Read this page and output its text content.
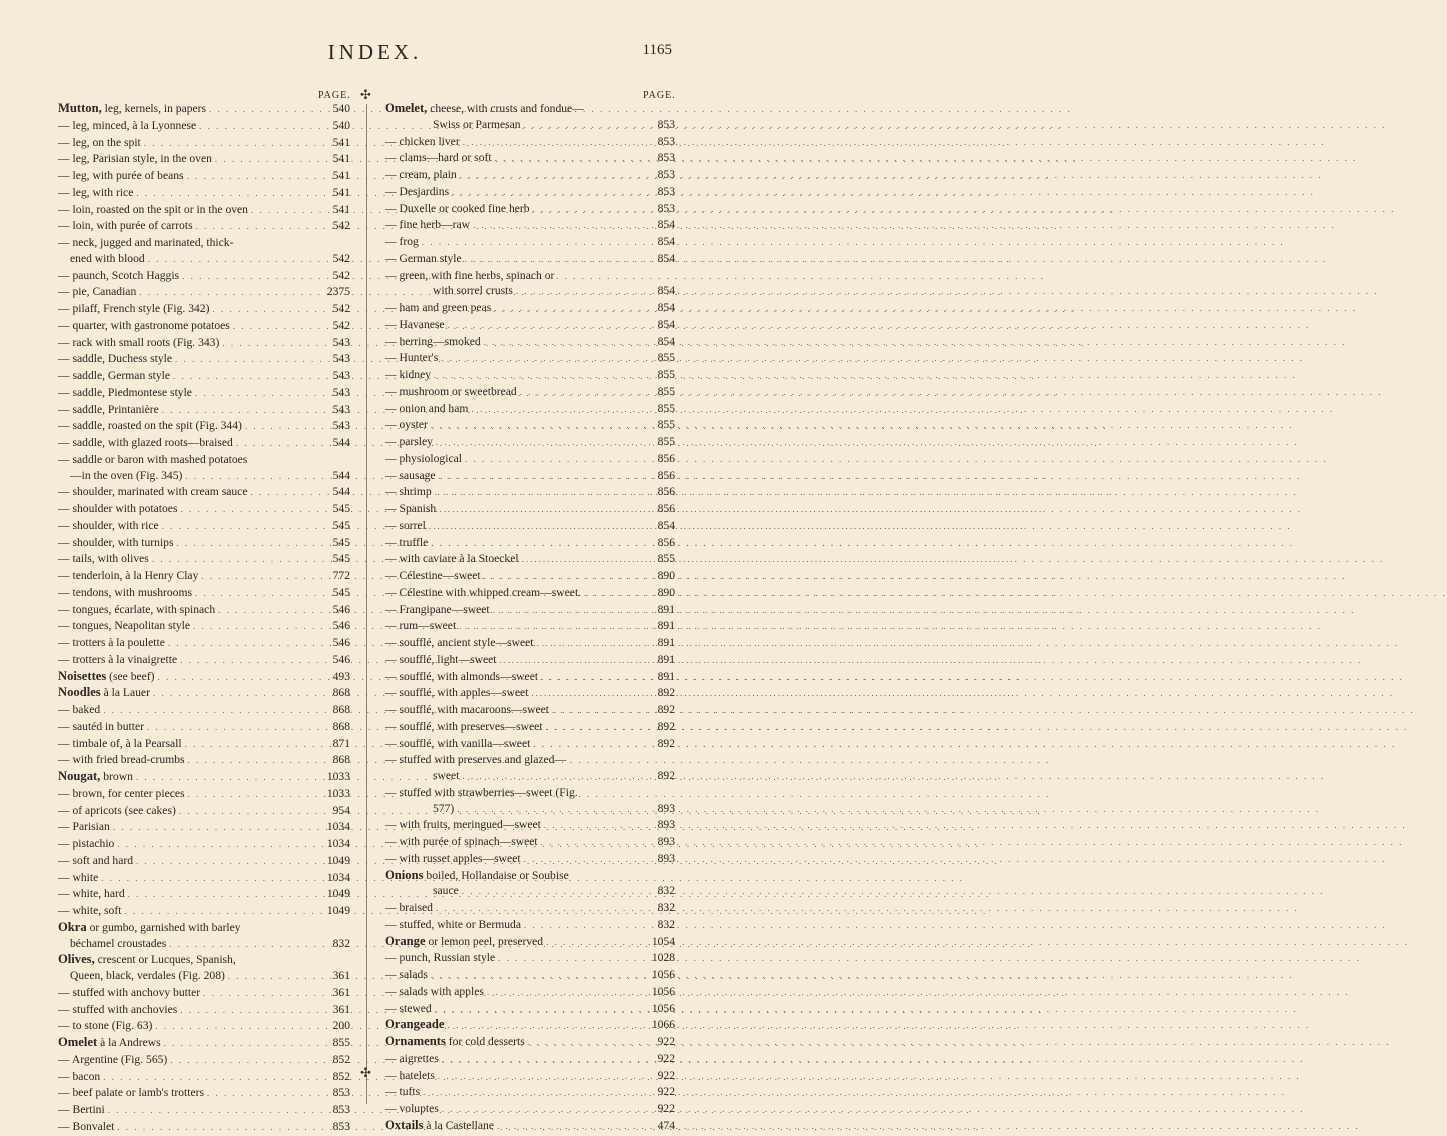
INDEX.	1165
PAGE.	PAGE.
✣
✣
Mutton, leg, kernels, in papers . . .	540
— leg, minced, à la Lyonnese . . .	540
— leg, on the spit . . .	541
— leg, Parisian style, in the oven . . .	541
— leg, with purée of beans . . .	541
— leg, with rice . . .	541
— loin, roasted on the spit or in the oven . . .	541
— loin, with purée of carrots . . .	542
— neck, jugged and marinated, thick-
ened with blood . . .	542
— paunch, Scotch Haggis . . .	542
— pie, Canadian . . .	2375
— pilaff, French style (Fig. 342) . . .	542
— quarter, with gastronome potatoes . . .	542
— rack with small roots (Fig. 343) . . .	543
— saddle, Duchess style . . .	543
— saddle, German style . . .	543
— saddle, Piedmontese style . . .	543
— saddle, Printanière . . .	543
— saddle, roasted on the spit (Fig. 344) . . .	543
— saddle, with glazed roots—braised . . .	544
— saddle or baron with mashed potatoes
—in the oven (Fig. 345) . . .	544
— shoulder, marinated with cream sauce . . .	544
— shoulder with potatoes . . .	545
— shoulder, with rice . . .	545
— shoulder, with turnips . . .	545
— tails, with olives . . .	545
— tenderloin, à la Henry Clay . . .	772
— tendons, with mushrooms . . .	545
— tongues, écarlate, with spinach . . .	546
— tongues, Neapolitan style . . .	546
— trotters à la poulette . . .	546
— trotters à la vinaigrette . . .	546
Noisettes (see beef) . . .	493
Noodles à la Lauer . . .	868
— baked . . .	868
— sautéd in butter . . .	868
— timbale of, à la Pearsall . . .	871
— with fried bread-crumbs . . .	868
Nougat, brown . . .	1033
— brown, for center pieces . . .	1033
— of apricots (see cakes) . . .	954
— Parisian . . .	1034
— pistachio . . .	1034
— soft and hard . . .	1049
— white . . .	1034
— white, hard . . .	1049
— white, soft . . .	1049
Okra or gumbo, garnished with barley
béchamel croustades . . .	832
Olives, crescent or Lucques, Spanish,
Queen, black, verdales (Fig. 208) . . .	361
— stuffed with anchovy butter . . .	361
— stuffed with anchovies . . .	361
— to stone (Fig. 63) . . .	200
Omelet à la Andrews . . .	855
— Argentine (Fig. 565) . . .	852
— bacon . . .	852
— beef palate or lamb's trotters . . .	853
— Bertini . . .	853
— Bonvalet . . .	853
Omelet, cheese, with crusts and fondue—
Swiss or Parmesan . . .	853
— chicken liver . . .	853
— clams—hard or soft . . .	853
— cream, plain . . .	853
— Desjardins . . .	853
— Duxelle or cooked fine herb . . .	853
— fine herb—raw . . .	854
— frog . . .	854
— German style . . .	854
— green, with fine herbs, spinach or
with sorrel crusts . . .	854
— ham and green peas . . .	854
— Havanese . . .	854
— herring—smoked . . .	854
— Hunter's . . .	855
— kidney . . .	855
— mushroom or sweetbread . . .	855
— onion and ham . . .	855
— oyster . . .	855
— parsley . . .	855
— physiological . . .	856
— sausage . . .	856
— shrimp . . .	856
— Spanish . . .	856
— sorrel . . .	854
— truffle . . .	856
— with caviare à la Stoeckel . . .	855
— Célestine—sweet . . .	890
— Célestine with whipped cream—sweet. . . .	890
— Frangipane—sweet . . .	891
— rum—sweet . . .	891
— soufflé, ancient style—sweet . . .	891
— soufflé, light—sweet . . .	891
— soufflé, with almonds—sweet . . .	891
— soufflé, with apples—sweet . . .	892
— soufflé, with macaroons—sweet . . .	892
— soufflé, with preserves—sweet . . .	892
— soufflé, with vanilla—sweet . . .	892
— stuffed with preserves and glazed—
sweet . . .	892
— stuffed with strawberries—sweet (Fig.
577) . . .	893
— with fruits, meringued—sweet . . .	893
— with purée of spinach—sweet . . .	893
— with russet apples—sweet . . .	893
Onions boiled, Hollandaise or Soubise
sauce . . .	832
— braised . . .	832
— stuffed, white or Bermuda . . .	832
Orange or lemon peel, preserved . . .	1054
— punch, Russian style . . .	1028
— salads . . .	1056
— salads with apples . . .	1056
— stewed . . .	1056
Orangeade . . .	1066
Ornaments for cold desserts . . .	922
— aigrettes . . .	922
— hatelets . . .	922
— tufts . . .	922
— voluptes . . .	922
Oxtails à la Castellane . . .	474
